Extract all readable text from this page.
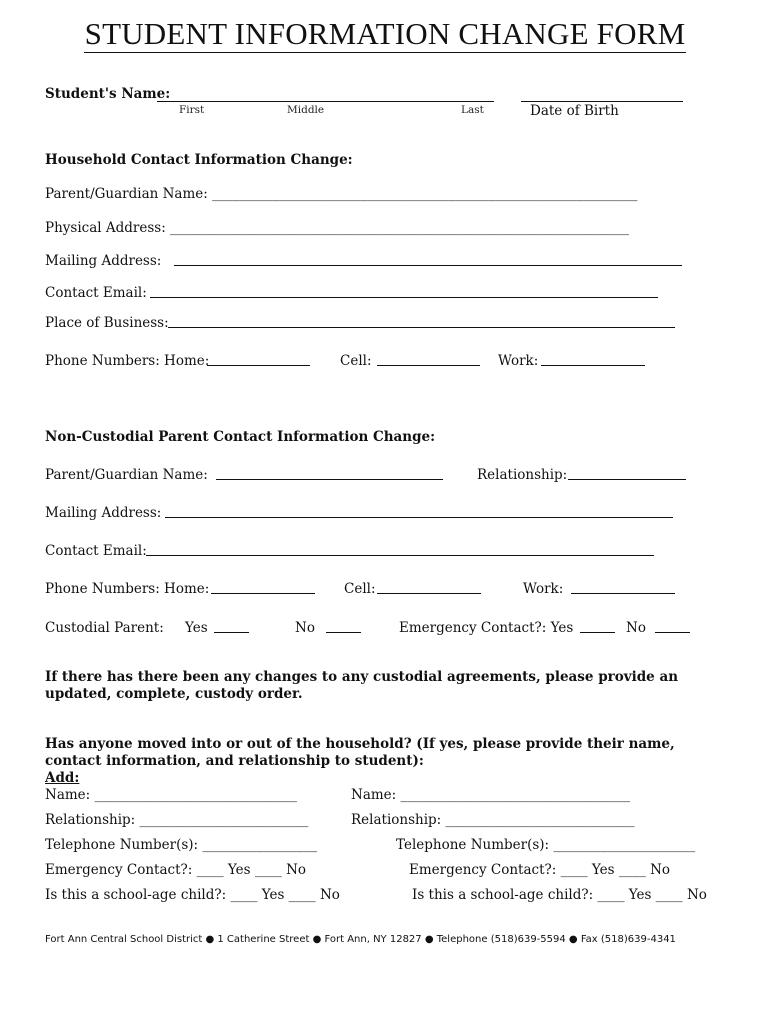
STUDENT INFORMATION CHANGE FORM
Student's Name:
First	Middle	Last	Date of Birth
Household Contact Information Change:
Parent/Guardian Name: _______________________________________________________________
Physical Address: ____________________________________________________________________
Mailing Address:
Contact Email:
Place of Business:
Phone Numbers: Home:	Cell:	Work:
Non-Custodial Parent Contact Information Change:
Parent/Guardian Name:	Relationship:
Mailing Address:
Contact Email:
Phone Numbers: Home:	Cell:	Work:
Custodial Parent: Yes	No	Emergency Contact?: Yes	No
If there has there been any changes to any custodial agreements, please provide an updated, complete, custody order.
Has anyone moved into or out of the household? (If yes, please provide their name, contact information, and relationship to student):
Add:
Name: ______________________________	Name: __________________________________
Relationship: _________________________	Relationship: ____________________________
Telephone Number(s): _________________	Telephone Number(s): _____________________
Emergency Contact?: ____ Yes ____ No	Emergency Contact?: ____ Yes ____ No
Is this a school-age child?: ____ Yes ____ No	Is this a school-age child?: ____ Yes ____ No
Fort Ann Central School District ● 1 Catherine Street ● Fort Ann, NY 12827 ● Telephone (518)639-5594 ● Fax (518)639-4341
